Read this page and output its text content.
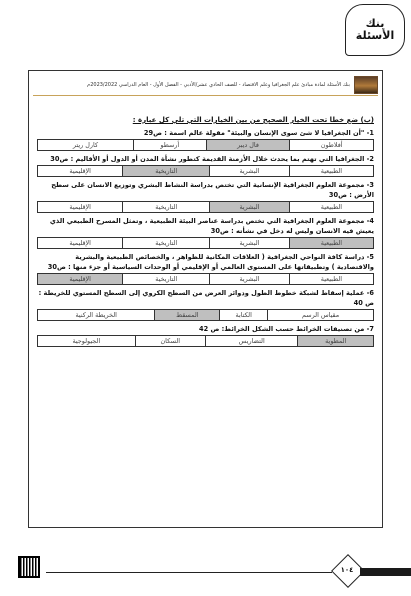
بنك
الأسئلة
بنك الأسئلة لمادة مبادئ علم الجغرافيا وعلم الاقتصاد - للصف الحادي عشر/الأدبي - الفصل الأول - العام الدراسي 2023/2022م
(ب) ضع خطا تحت الخيار الصحيح من بين الخيارات التي تلي كل عبارة :
1- "أن الجغرافيا لا شئ سوى الإنسان والبيئة" مقولة عالم اسمة : ص29
أفلاطون	فال ديبر	أرسطو	كارل ريتر
2- الجغرافيا التي تهتم بما يحدث خلال الأزمنة القديمة كتطور نشأة المدن أو الدول أو الأقاليم : ص30
الطبيعية	البشرية	التاريخية	الإقليمية
3- مجموعة العلوم الجغرافية الإنسانية التي تختص بدراسة النشاط البشري وتوزيع الانسان على سطح الأرض : ص30
الطبيعية	البشرية	التاريخية	الإقليمية
4- مجموعة العلوم الجغرافية التي تختص بدراسة عناصر البيئة الطبيعية ، وتمثل المسرح الطبيعي الذي يعيش فيه الانسان وليس له دخل في نشأته : ص30
الطبيعية	البشرية	التاريخية	الإقليمية
5- دراسة كافة النواحي الجغرافية ( العلاقات المكانية للظواهر ، والخصائص الطبيعية والبشرية والاقتصادية ) وتطبيقاتها على المستوى العالمي أو الإقليمي أو الوحدات السياسية أو جزء منها : ص30
الطبيعية	البشرية	التاريخية	الإقليمية
6- عملية إسقاط لشبكة خطوط الطول ودوائر العرض من السطح الكروي إلى السطح المستوي للخريطة : ص 40
مقياس الرسم	الكتابة	المسقط	الخريطة الركنية
7- من تصنيفات الخرائط حسب الشكل الخرائط: ص 42
المطوية	التضاريس	السكان	الجيولوجية
١٠٤
